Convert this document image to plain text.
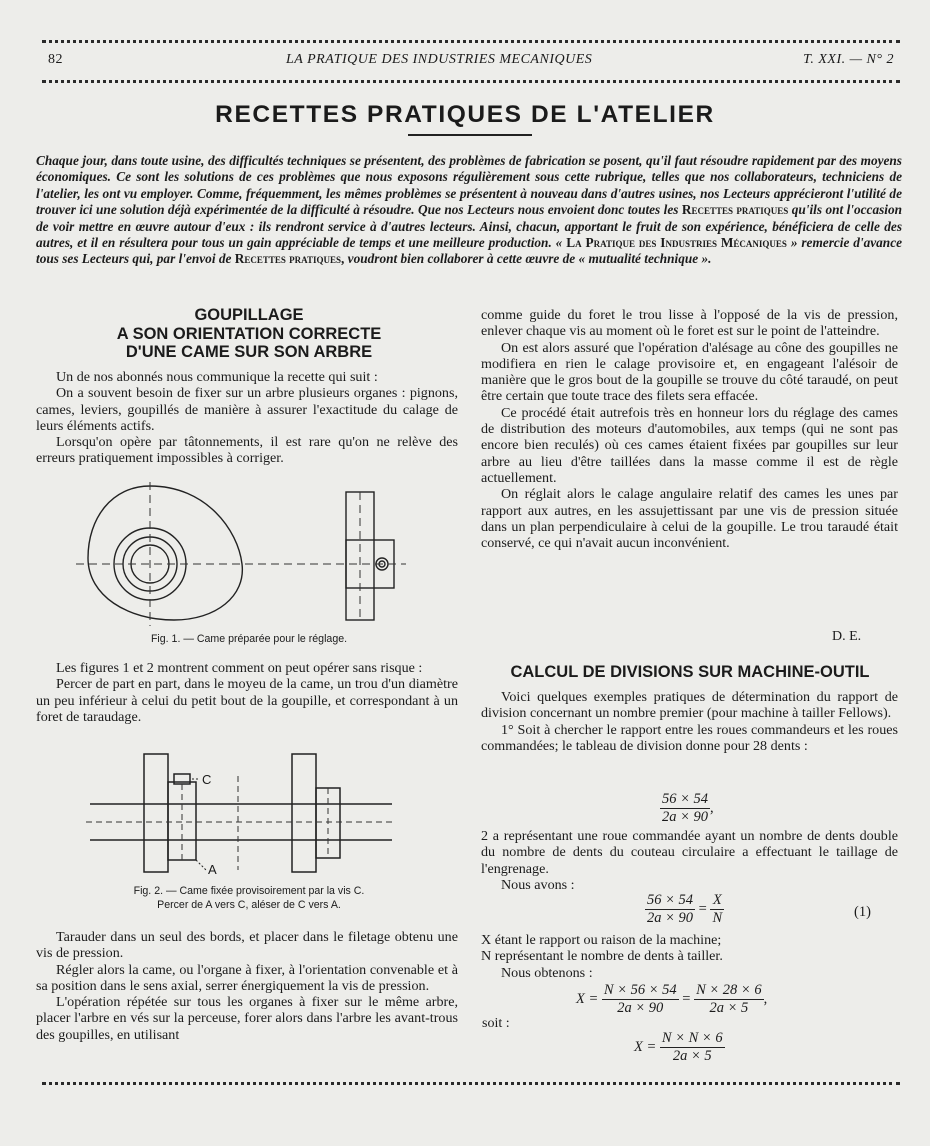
82	LA PRATIQUE DES INDUSTRIES MECANIQUES	T. XXI. — N° 2
RECETTES PRATIQUES DE L'ATELIER
Chaque jour, dans toute usine, des difficultés techniques se présentent, des problèmes de fabrication se posent, qu'il faut résoudre rapidement par des moyens économiques. Ce sont les solutions de ces problèmes que nous exposons régulièrement sous cette rubrique, telles que nos collaborateurs, techniciens de l'atelier, les ont vu employer. Comme, fréquemment, les mêmes problèmes se présentent à nouveau dans d'autres usines, nos Lecteurs apprécieront l'utilité de trouver ici une solution déjà expérimentée de la difficulté à résoudre. Que nos Lecteurs nous envoient donc toutes les Recettes pratiques qu'ils ont l'occasion de voir mettre en œuvre autour d'eux : ils rendront service à d'autres lecteurs. Ainsi, chacun, apportant le fruit de son expérience, bénéficiera de celle des autres, et il en résultera pour tous un gain appréciable de temps et une meilleure production. « La Pratique des Industries Mécaniques » remercie d'avance tous ses Lecteurs qui, par l'envoi de Recettes pratiques, voudront bien collaborer à cette œuvre de « mutualité technique ».
GOUPILLAGE
A SON ORIENTATION CORRECTE
D'UNE CAME SUR SON ARBRE

Un de nos abonnés nous communique la recette qui suit :

On a souvent besoin de fixer sur un arbre plusieurs organes : pignons, cames, leviers, goupillés de manière à assurer l'exactitude du calage de leurs éléments actifs.

Lorsqu'on opère par tâtonnements, il est rare qu'on ne relève des erreurs pratiquement impossibles à corriger.

Fig. 1. — Came préparée pour le réglage.

Les figures 1 et 2 montrent comment on peut opérer sans risque :

Percer de part en part, dans le moyeu de la came, un trou d'un diamètre un peu inférieur à celui du petit bout de la goupille, et correspondant à un foret de taraudage.

C
A
Fig. 2. — Came fixée provisoirement par la vis C.
Percer de A vers C, aléser de C vers A.

Tarauder dans un seul des bords, et placer dans le filetage obtenu une vis de pression.

Régler alors la came, ou l'organe à fixer, à l'orientation convenable et à sa position dans le sens axial, serrer énergiquement la vis de pression.

L'opération répétée sur tous les organes à fixer sur le même arbre, placer l'arbre en vés sur la perceuse, forer alors dans l'arbre les avant-trous des goupilles, en utilisant

comme guide du foret le trou lisse à l'opposé de la vis de pression, enlever chaque vis au moment où le foret est sur le point de l'atteindre.

On est alors assuré que l'opération d'alésage au cône des goupilles ne modifiera en rien le calage provisoire et, en engageant l'alésoir de manière que le gros bout de la goupille se trouve du côté taraudé, on peut être certain que toute trace des filets sera effacée.

Ce procédé était autrefois très en honneur lors du réglage des cames de distribution des moteurs d'automobiles, aux temps (qui ne sont pas encore bien reculés) où ces cames étaient fixées par goupilles sur leur arbre au lieu d'être taillées dans la masse comme il est de règle actuellement.

On réglait alors le calage angulaire relatif des cames les unes par rapport aux autres, en les assujettissant par une vis de pression située dans un plan perpendiculaire à celui de la goupille. Le trou taraudé était conservé, ce qui n'avait aucun inconvénient.

D. E.
CALCUL DE DIVISIONS SUR MACHINE-OUTIL

Voici quelques exemples pratiques de détermination du rapport de division concernant un nombre premier (pour machine à tailler Fellows).

1° Soit à chercher le rapport entre les roues commandeurs et les roues commandées; le tableau de division donne pour 28 dents :

$\frac{56 \times 54}{2a \times 90}$ ,

2 a représentant une roue commandée ayant un nombre de dents double du nombre de dents du couteau circulaire a effectuant le taillage de l'engrenage.

Nous avons :

$\frac{56 \times 54}{2a \times 90} = \frac{X}{N}$	(1)

X étant le rapport ou raison de la machine;

N représentant le nombre de dents à tailler.

Nous obtenons :

$X = \frac{N \times 56 \times 54}{2a \times 90} = \frac{N \times 28 \times 6}{2a \times 5}$ ,
soit :
$X = \frac{N \times N \times 6}{2a \times 5}$
